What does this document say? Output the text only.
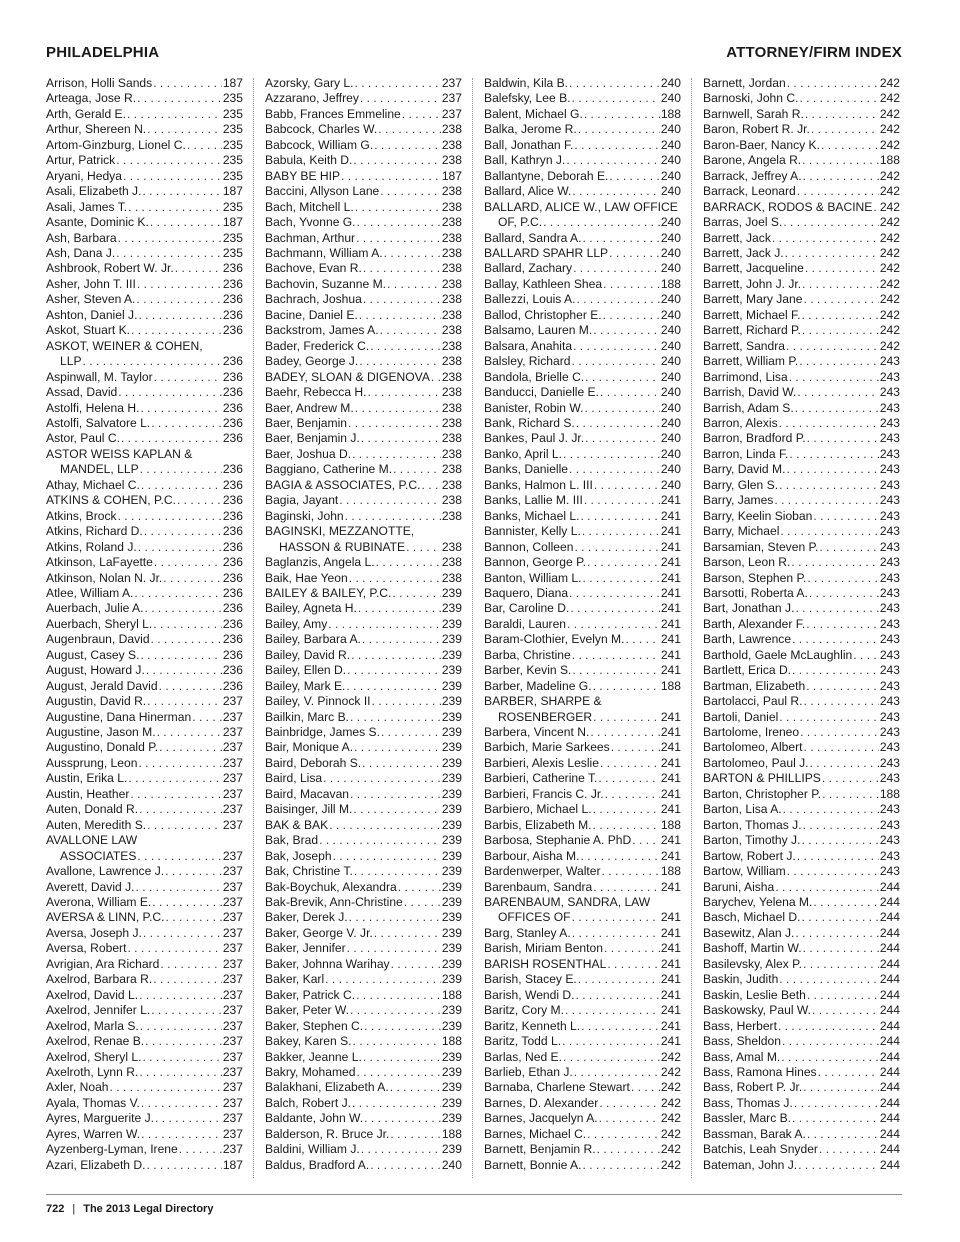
PHILADELPHIA	ATTORNEY/FIRM INDEX
Arrison, Holli Sands . . .	187
Arteaga, Jose R. . . .	235
Arth, Gerald E. . . .	235
Arthur, Shereen N. . . .	235
Artom-Ginzburg, Lionel C. . . .	235
Artur, Patrick . . .	235
Aryani, Hedya . . .	235
Asali, Elizabeth J. . . .	187
Asali, James T. . . .	235
Asante, Dominic K. . . .	187
Ash, Barbara . . .	235
Ash, Dana J. . . .	235
Ashbrook, Robert W. Jr. . . .	236
Asher, John T. III . . .	236
Asher, Steven A. . . .	236
Ashton, Daniel J. . . .	236
Askot, Stuart K. . . .	236
ASKOT, WEINER & COHEN,
LLP . . .	236
Aspinwall, M. Taylor . . .	236
Assad, David . . .	236
Astolfi, Helena H. . . .	236
Astolfi, Salvatore L. . . .	236
Astor, Paul C. . . .	236
ASTOR WEISS KAPLAN &
MANDEL, LLP . . .	236
Athay, Michael C. . . .	236
ATKINS & COHEN, P.C. . . .	236
Atkins, Brock . . .	236
Atkins, Richard D. . . .	236
Atkins, Roland J. . . .	236
Atkinson, LaFayette . . .	236
Atkinson, Nolan N. Jr. . . .	236
Atlee, William A. . . .	236
Auerbach, Julie A. . . .	236
Auerbach, Sheryl L. . . .	236
Augenbraun, David . . .	236
August, Casey S. . . .	236
August, Howard J. . . .	236
August, Jerald David . . .	236
Augustin, David R. . . .	237
Augustine, Dana Hinerman . . .	237
Augustine, Jason M. . . .	237
Augustino, Donald P. . . .	237
Aussprung, Leon . . .	237
Austin, Erika L. . . .	237
Austin, Heather . . .	237
Auten, Donald R. . . .	237
Auten, Meredith S. . . .	237
AVALLONE LAW
ASSOCIATES . . .	237
Avallone, Lawrence J. . . .	237
Averett, David J. . . .	237
Averona, William E. . . .	237
AVERSA & LINN, P.C. . . .	237
Aversa, Joseph J. . . .	237
Aversa, Robert . . .	237
Avrigian, Ara Richard . . .	237
Axelrod, Barbara R. . . .	237
Axelrod, David L. . . .	237
Axelrod, Jennifer L. . . .	237
Axelrod, Marla S. . . .	237
Axelrod, Renae B. . . .	237
Axelrod, Sheryl L. . . .	237
Axelroth, Lynn R. . . .	237
Axler, Noah . . .	237
Ayala, Thomas V. . . .	237
Ayres, Marguerite J. . . .	237
Ayres, Warren W. . . .	237
Ayzenberg-Lyman, Irene . . .	237
Azari, Elizabeth D. . . .	187
Azorsky, Gary L. . . .	237
Azzarano, Jeffrey . . .	237
Babb, Frances Emmeline . . .	237
Babcock, Charles W. . . .	238
Babcock, William G. . . .	238
Babula, Keith D. . . .	238
BABY BE HIP . . .	187
Baccini, Allyson Lane . . .	238
Bach, Mitchell L. . . .	238
Bach, Yvonne G. . . .	238
Bachman, Arthur . . .	238
Bachmann, William A. . . .	238
Bachove, Evan R. . . .	238
Bachovin, Suzanne M. . . .	238
Bachrach, Joshua . . .	238
Bacine, Daniel E. . . .	238
Backstrom, James A. . . .	238
Bader, Frederick C. . . .	238
Badey, George J. . . .	238
BADEY, SLOAN & DIGENOVA . . . 238
Baehr, Rebecca H. . . .	238
Baer, Andrew M. . . .	238
Baer, Benjamin . . .	238
Baer, Benjamin J. . . .	238
Baer, Joshua D. . . .	238
Baggiano, Catherine M. . . .	238
BAGIA & ASSOCIATES, P.C. . . . 238
Bagia, Jayant . . .	238
Baginski, John . . .	238
BAGINSKI, MEZZANOTTE,
HASSON & RUBINATE . . .	238
Baglanzis, Angela L. . . .	238
Baik, Hae Yeon . . .	238
BAILEY & BAILEY, P.C. . . .	239
Bailey, Agneta H. . . .	239
Bailey, Amy . . .	239
Bailey, Barbara A. . . .	239
Bailey, David R. . . .	239
Bailey, Ellen D. . . .	239
Bailey, Mark E. . . .	239
Bailey, V. Pinnock II . . .	239
Bailkin, Marc B. . . .	239
Bainbridge, James S. . . .	239
Bair, Monique A. . . .	239
Baird, Deborah S. . . .	239
Baird, Lisa . . .	239
Baird, Macavan . . .	239
Baisinger, Jill M. . . .	239
BAK & BAK . . .	239
Bak, Brad . . .	239
Bak, Joseph . . .	239
Bak, Christine T. . . .	239
Bak-Boychuk, Alexandra . . .	239
Bak-Brevik, Ann-Christine . . .	239
Baker, Derek J. . . .	239
Baker, George V. Jr. . . .	239
Baker, Jennifer . . .	239
Baker, Johnna Warihay . . .	239
Baker, Karl . . .	239
Baker, Patrick C. . . .	188
Baker, Peter W. . . .	239
Baker, Stephen C. . . .	239
Bakey, Karen S. . . .	188
Bakker, Jeanne L. . . .	239
Bakry, Mohamed . . .	239
Balakhani, Elizabeth A. . . .	239
Balch, Robert J. . . .	239
Baldante, John W. . . .	239
Balderson, R. Bruce Jr. . . .	188
Baldini, William J. . . .	239
Baldus, Bradford A. . . .	240
Baldwin, Kila B. . . .	240
Balefsky, Lee B. . . .	240
Balent, Michael G. . . .	188
Balka, Jerome R. . . .	240
Ball, Jonathan F. . . .	240
Ball, Kathryn J. . . .	240
Ballantyne, Deborah E. . . .	240
Ballard, Alice W. . . .	240
BALLARD, ALICE W., LAW OFFICE
OF, P.C. . . .	240
Ballard, Sandra A. . . .	240
BALLARD SPAHR LLP . . .	240
Ballard, Zachary . . .	240
Ballay, Kathleen Shea . . .	188
Ballezzi, Louis A. . . .	240
Ballod, Christopher E. . . .	240
Balsamo, Lauren M. . . .	240
Balsara, Anahita . . .	240
Balsley, Richard . . .	240
Bandola, Brielle C. . . .	240
Banducci, Danielle E. . . .	240
Banister, Robin W. . . .	240
Bank, Richard S. . . .	240
Bankes, Paul J. Jr. . . .	240
Banko, April L. . . .	240
Banks, Danielle . . .	240
Banks, Halmon L. III . . .	240
Banks, Lallie M. III . . .	241
Banks, Michael L. . . .	241
Bannister, Kelly L. . . .	241
Bannon, Colleen . . .	241
Bannon, George P. . . .	241
Banton, William L. . . .	241
Baquero, Diana . . .	241
Bar, Caroline D. . . .	241
Baraldi, Lauren . . .	241
Baram-Clothier, Evelyn M. . . .	241
Barba, Christine . . .	241
Barber, Kevin S. . . .	241
Barber, Madeline G. . . .	188
BARBER, SHARPE &
ROSENBERGER . . .	241
Barbera, Vincent N. . . .	241
Barbich, Marie Sarkees . . .	241
Barbieri, Alexis Leslie . . .	241
Barbieri, Catherine T. . . .	241
Barbieri, Francis C. Jr. . . .	241
Barbiero, Michael L. . . .	241
Barbis, Elizabeth M. . . .	188
Barbosa, Stephanie A. PhD . . . 241
Barbour, Aisha M. . . .	241
Bardenwerper, Walter . . .	188
Barenbaum, Sandra . . .	241
BARENBAUM, SANDRA, LAW
OFFICES OF . . .	241
Barg, Stanley A. . . .	241
Barish, Miriam Benton . . .	241
BARISH ROSENTHAL . . .	241
Barish, Stacey E. . . .	241
Barish, Wendi D. . . .	241
Baritz, Cory M. . . .	241
Baritz, Kenneth L. . . .	241
Baritz, Todd L. . . .	241
Barlas, Ned E. . . .	242
Barlieb, Ethan J. . . .	242
Barnaba, Charlene Stewart . . .	242
Barnes, D. Alexander . . .	242
Barnes, Jacquelyn A. . . .	242
Barnes, Michael C. . . .	242
Barnett, Benjamin R. . . .	242
Barnett, Bonnie A. . . .	242
Barnett, Jordan . . .	242
Barnoski, John C. . . .	242
Barnwell, Sarah R. . . .	242
Baron, Robert R. Jr. . . .	242
Baron-Baer, Nancy K. . . .	242
Barone, Angela R. . . .	188
Barrack, Jeffrey A. . . .	242
Barrack, Leonard . . .	242
BARRACK, RODOS & BACINE . . . 242
Barras, Joel S. . . .	242
Barrett, Jack . . .	242
Barrett, Jack J. . . .	242
Barrett, Jacqueline . . .	242
Barrett, John J. Jr. . . .	242
Barrett, Mary Jane . . .	242
Barrett, Michael F. . . .	242
Barrett, Richard P. . . .	242
Barrett, Sandra . . .	242
Barrett, William P. . . .	243
Barrimond, Lisa . . .	243
Barrish, David W. . . .	243
Barrish, Adam S. . . .	243
Barron, Alexis . . .	243
Barron, Bradford P. . . .	243
Barron, Linda F. . . .	243
Barry, David M. . . .	243
Barry, Glen S. . . .	243
Barry, James . . .	243
Barry, Keelin Sioban . . .	243
Barry, Michael . . .	243
Barsamian, Steven P. . . .	243
Barson, Leon R. . . .	243
Barson, Stephen P. . . .	243
Barsotti, Roberta A. . . .	243
Bart, Jonathan J. . . .	243
Barth, Alexander F. . . .	243
Barth, Lawrence . . .	243
Barthold, Gaele McLaughlin . . . 243
Bartlett, Erica D. . . .	243
Bartman, Elizabeth . . .	243
Bartolacci, Paul R. . . .	243
Bartoli, Daniel . . .	243
Bartolome, Ireneo . . .	243
Bartolomeo, Albert . . .	243
Bartolomeo, Paul J. . . .	243
BARTON & PHILLIPS . . .	243
Barton, Christopher P. . . .	188
Barton, Lisa A. . . .	243
Barton, Thomas J. . . .	243
Barton, Timothy J. . . .	243
Bartow, Robert J. . . .	243
Bartow, William . . .	243
Baruni, Aisha . . .	244
Barychev, Yelena M. . . .	244
Basch, Michael D. . . .	244
Basewitz, Alan J. . . .	244
Bashoff, Martin W. . . .	244
Basilevsky, Alex P. . . .	244
Baskin, Judith . . .	244
Baskin, Leslie Beth . . .	244
Baskowsky, Paul W. . . .	244
Bass, Herbert . . .	244
Bass, Sheldon . . .	244
Bass, Amal M. . . .	244
Bass, Ramona Hines . . .	244
Bass, Robert P. Jr. . . .	244
Bass, Thomas J. . . .	244
Bassler, Marc B. . . .	244
Bassman, Barak A. . . .	244
Batchis, Leah Snyder . . .	244
Bateman, John J. . . .	244
722 | The 2013 Legal Directory
